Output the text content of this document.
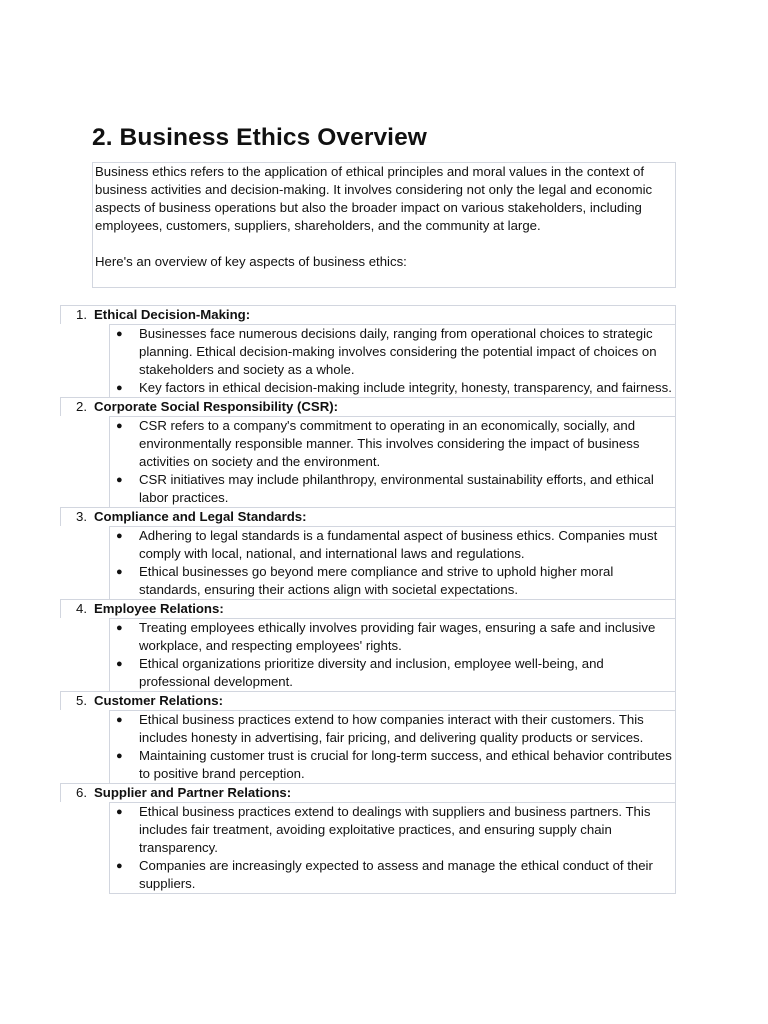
2. Business Ethics Overview

Business ethics refers to the application of ethical principles and moral values in the context of business activities and decision-making. It involves considering not only the legal and economic aspects of business operations but also the broader impact on various stakeholders, including employees, customers, suppliers, shareholders, and the community at large.

Here's an overview of key aspects of business ethics:

1. Ethical Decision-Making:
● Businesses face numerous decisions daily, ranging from operational choices to strategic planning. Ethical decision-making involves considering the potential impact of choices on stakeholders and society as a whole.
● Key factors in ethical decision-making include integrity, honesty, transparency, and fairness.
2. Corporate Social Responsibility (CSR):
● CSR refers to a company's commitment to operating in an economically, socially, and environmentally responsible manner. This involves considering the impact of business activities on society and the environment.
● CSR initiatives may include philanthropy, environmental sustainability efforts, and ethical labor practices.
3. Compliance and Legal Standards:
● Adhering to legal standards is a fundamental aspect of business ethics. Companies must comply with local, national, and international laws and regulations.
● Ethical businesses go beyond mere compliance and strive to uphold higher moral standards, ensuring their actions align with societal expectations.
4. Employee Relations:
● Treating employees ethically involves providing fair wages, ensuring a safe and inclusive workplace, and respecting employees' rights.
● Ethical organizations prioritize diversity and inclusion, employee well-being, and professional development.
5. Customer Relations:
● Ethical business practices extend to how companies interact with their customers. This includes honesty in advertising, fair pricing, and delivering quality products or services.
● Maintaining customer trust is crucial for long-term success, and ethical behavior contributes to positive brand perception.
6. Supplier and Partner Relations:
● Ethical business practices extend to dealings with suppliers and business partners. This includes fair treatment, avoiding exploitative practices, and ensuring supply chain transparency.
● Companies are increasingly expected to assess and manage the ethical conduct of their suppliers.
